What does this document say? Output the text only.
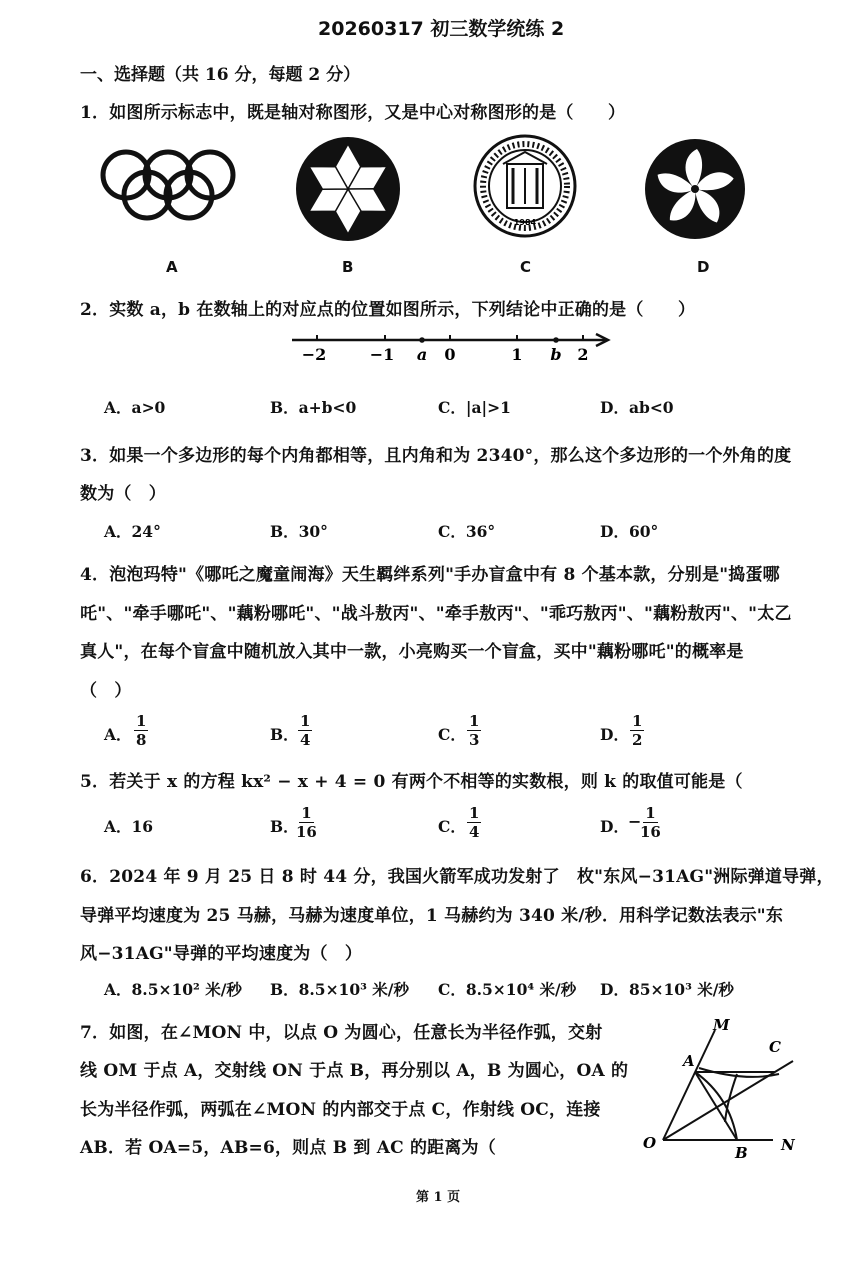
20260317 初三数学统练 2
一、选择题（共 16 分，每题 2 分）
1．如图所示标志中，既是轴对称图形，又是中心对称图形的是（　　）
1984
A	B	C	D
2．实数 a，b 在数轴上的对应点的位置如图所示，下列结论中正确的是（　　）
−2	−1 a 0	1 b 2
A．a>0	B．a+b<0	C．|a|>1	D．ab<0
3．如果一个多边形的每个内角都相等，且内角和为 2340°，那么这个多边形的一个外角的度
数为（　）
A．24°	B．30°	C．36°	D．60°
4．泡泡玛特"《哪吒之魔童闹海》天生羁绊系列"手办盲盒中有 8 个基本款，分别是"捣蛋哪
吒"、"牵手哪吒"、"藕粉哪吒"、"战斗敖丙"、"牵手敖丙"、"乖巧敖丙"、"藕粉敖丙"、"太乙
真人"，在每个盲盒中随机放入其中一款，小亮购买一个盲盒，买中"藕粉哪吒"的概率是
（　）
A． $\frac{1}{8}$	B． $\frac{1}{4}$	C． $\frac{1}{3}$	D． $\frac{1}{2}$
5．若关于 x 的方程 kx² − x + 4 = 0 有两个不相等的实数根，则 k 的取值可能是（
A．16	B．
$\frac{1}{16}$	C． $\frac{1}{4}$	D． −
$\frac{1}{16}$
6．2024 年 9 月 25 日 8 时 44 分，我国火箭军成功发射了　枚"东风−31AG"洲际弹道导弹，
导弹平均速度为 25 马赫，马赫为速度单位，1 马赫约为 340 米/秒．用科学记数法表示"东
风−31AG"导弹的平均速度为（　）
A．8.5×10² 米/秒 B．8.5×10³ 米/秒 C．8.5×10⁴ 米/秒 D．85×10³ 米/秒
7．如图，在∠MON 中，以点 O 为圆心，任意长为半径作弧，交射
线 OM 于点 A，交射线 ON 于点 B，再分别以 A，B 为圆心，OA 的
长为半径作弧，两弧在∠MON 的内部交于点 C，作射线 OC，连接
AB．若 OA=5，AB=6，则点 B 到 AC 的距离为（
M
A
C
O
B N
第 1 页
